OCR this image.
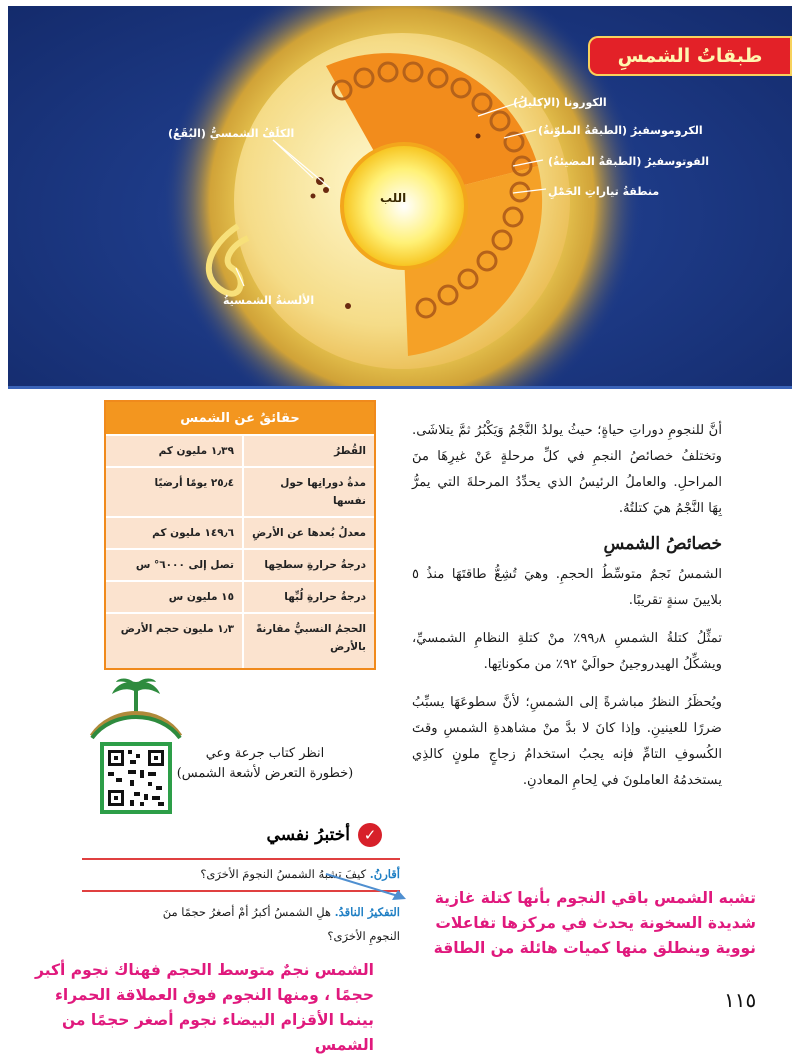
الكورونا (الإكليلُ)
الكروموسفيرُ (الطبقةُ الملوّنةُ)
الفوتوسفيرُ (الطبقةُ المضيئةُ)
منطقةُ تياراتِ الحَمْلِ
الكلَفُ الشمسيُّ (البُقَعُ)
اللب
الألسنةُ الشمسيةُ
طبقاتُ الشمسِ
حقائقُ عن الشمس
القُطرُ
١٫٣٩ مليون كم
مدةُ دورانِها حول نفسها
٢٥٫٤ يومًا أرضيًا
معدلُ بُعدها عن الأرضِ
١٤٩٫٦ مليون كم
درجةُ حرارةِ سطحِها
تصل إلى ٦٠٠٠° س
درجةُ حرارةِ لُبِّها
١٥ مليون س
الحجمُ النسبيُّ مقارنةً بالأرض
١٫٣ مليون حجم الأرض

أنَّ للنجومِ دوراتِ حياةٍ؛ حيثُ يولدُ النَّجْمُ وَيَكْبُرُ ثمَّ يتلاشَى. وتختلفُ خصائصُ النجمِ في كلِّ مرحلةٍ عَنْ غيرِهَا منَ المراحلِ. والعاملُ الرئيسُ الذي يحدِّدُ المرحلةَ التي يمرُّ بِهَا النَّجْمُ هيَ كتلتُهُ.

خصائصُ الشمسِ

الشمسُ نَجمٌ متوسِّطُ الحجمِ. وهيَ تُشِعُّ طاقتَهَا منذُ ٥ بلايينَ سنةٍ تقريبًا.

تمثِّلُ كتلةُ الشمسِ ٩٩٫٨٪ منْ كتلةِ النظامِ الشمسيِّ، ويشكِّلُ الهيدروجينُ حوالَيْ ٩٢٪ من مكوناتِها.

ويُحظَرُ النظرُ مباشرةً إلى الشمسِ؛ لأنَّ سطوعَهَا يسبِّبُ ضررًا للعينينِ. وإذا كانَ لا بدَّ منْ مشاهدةِ الشمسِ وقتَ الكُسوفِ التامِّ فإنه يجبُ استخدامُ زجاجٍ ملونٍ كالذِي يستخدمُهُ العاملونَ في لِحامِ المعادنِ.

انظر كتاب جرعة وعي
(خطورة التعرض لأشعة الشمس)
✓
أختبرُ نفسي
أقارنُ. كيفَ تشبهُ الشمسُ النجومَ الأخرَى؟
التفكيرُ الناقدُ. هلِ الشمسُ أكبرُ أمْ أصغرُ حجمًا منَ النجومِ الأخرَى؟
تشبه الشمس باقي النجوم بأنها كتلة غازية شديدة السخونة يحدث في مركزها تفاعلات نووية وينطلق منها كميات هائلة من الطاقة
الشمس نجمٌ متوسط الحجم فهناك نجوم أكبر حجمًا ، ومنها النجوم فوق العملاقة الحمراء بينما الأقزام البيضاء نجوم أصغر حجمًا من الشمس
١١٥
